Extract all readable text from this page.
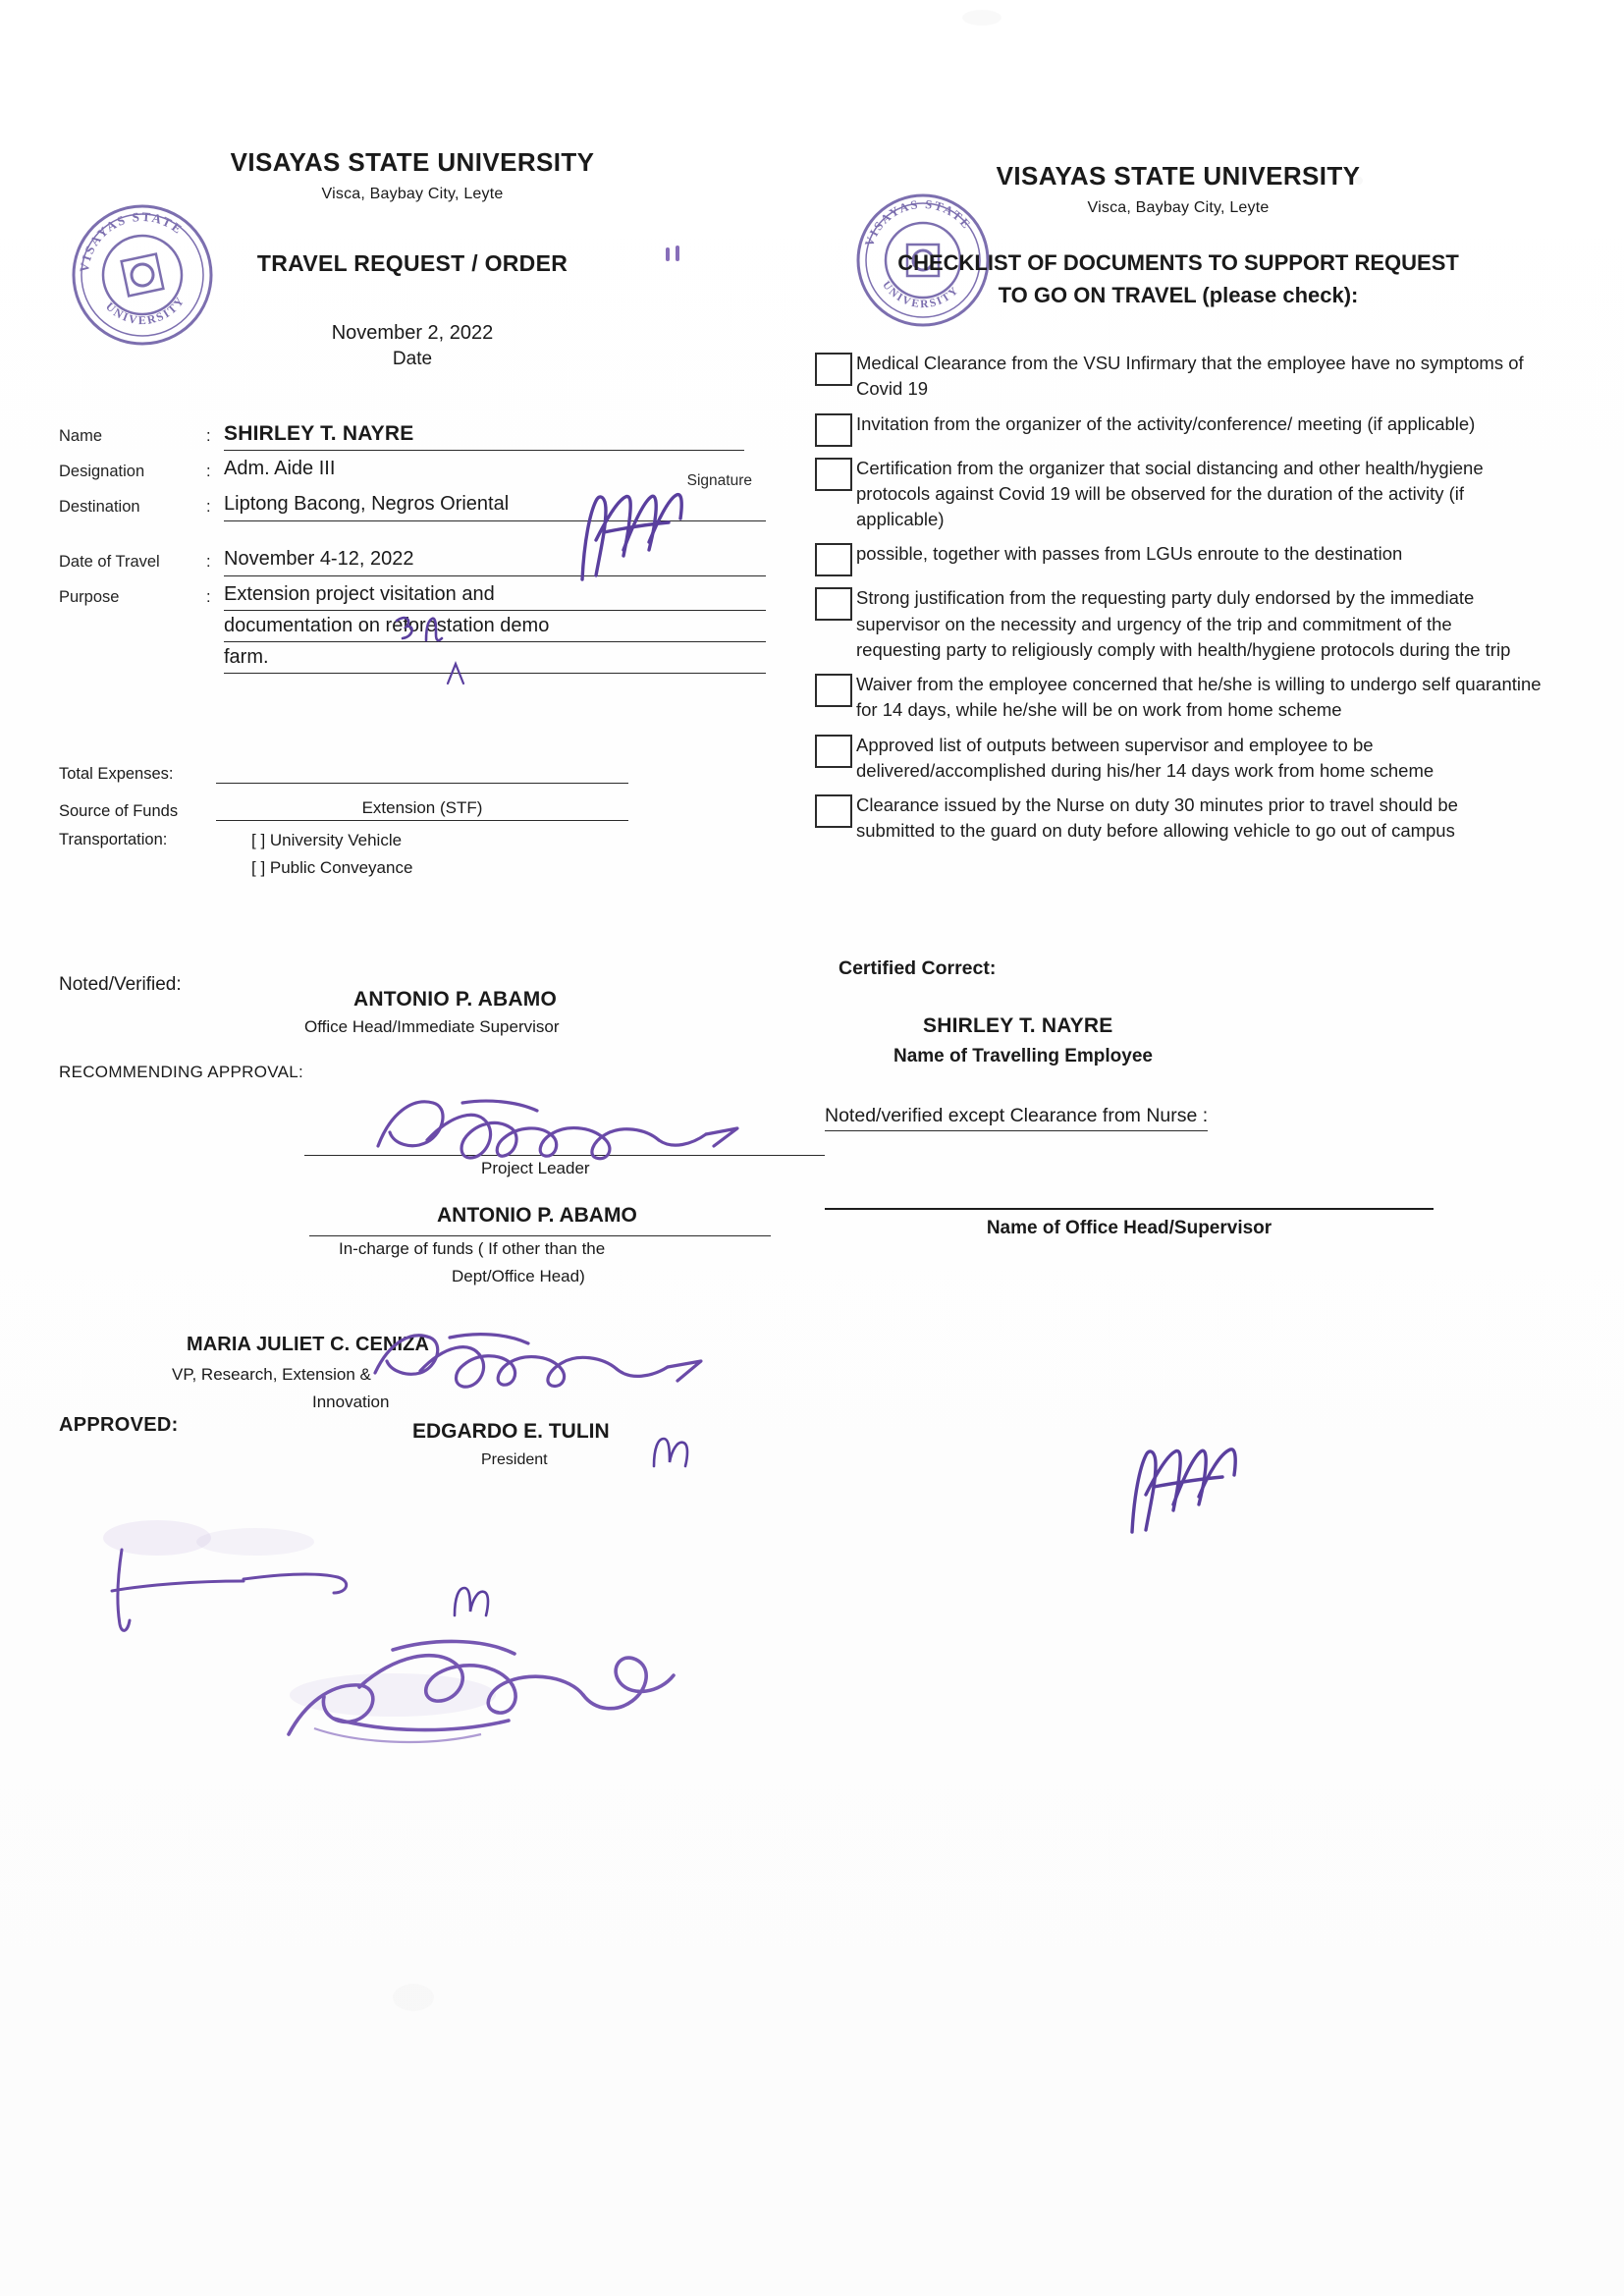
VISAYAS STATE
UNIVERSITY
VISAYAS STATE
UNIVERSITY
VISAYAS STATE UNIVERSITY
Visca, Baybay City, Leyte
TRAVEL REQUEST / ORDER
November 2, 2022
Date
Name	: SHIRLEY T. NAYRE
Designation	: Adm. Aide III
Destination	: Liptong Bacong, Negros Oriental
Date of Travel	: November 4-12, 2022
Purpose	: Extension project visitation and
documentation on reforestation demo
farm.
Signature
Total Expenses:
Source of Funds	Extension (STF)
Transportation:	[ ] University Vehicle
[ ] Public Conveyance
Noted/Verified:
ANTONIO P. ABAMO
Office Head/Immediate Supervisor
RECOMMENDING APPROVAL:
Project Leader
ANTONIO P. ABAMO
In-charge of funds ( If other than the
Dept/Office Head)
MARIA JULIET C. CENIZA
VP, Research, Extension &
Innovation
APPROVED:	EDGARDO E. TULIN
President
VISAYAS STATE UNIVERSITY
Visca, Baybay City, Leyte
CHECKLIST OF DOCUMENTS TO SUPPORT REQUEST
TO GO ON TRAVEL (please check):
Medical Clearance from the VSU Infirmary that the employee have no symptoms of Covid 19
Invitation from the organizer of the activity/conference/ meeting (if applicable)
Certification from the organizer that social distancing and other health/hygiene protocols against Covid 19 will be observed for the duration of the activity (if applicable)
possible, together with passes from LGUs enroute to the destination
Strong justification from the requesting party duly endorsed by the immediate supervisor on the necessity and urgency of the trip and commitment of the requesting party to religiously comply with health/hygiene protocols during the trip
Waiver from the employee concerned that he/she is willing to undergo self quarantine for 14 days, while he/she will be on work from home scheme
Approved list of outputs between supervisor and employee to be delivered/accomplished during his/her 14 days work from home scheme
Clearance issued by the Nurse on duty 30 minutes prior to travel should be submitted to the guard on duty before allowing vehicle to go out of campus
Certified Correct:
SHIRLEY T. NAYRE
Name of Travelling Employee
Noted/verified except Clearance from Nurse :
Name of Office Head/Supervisor
